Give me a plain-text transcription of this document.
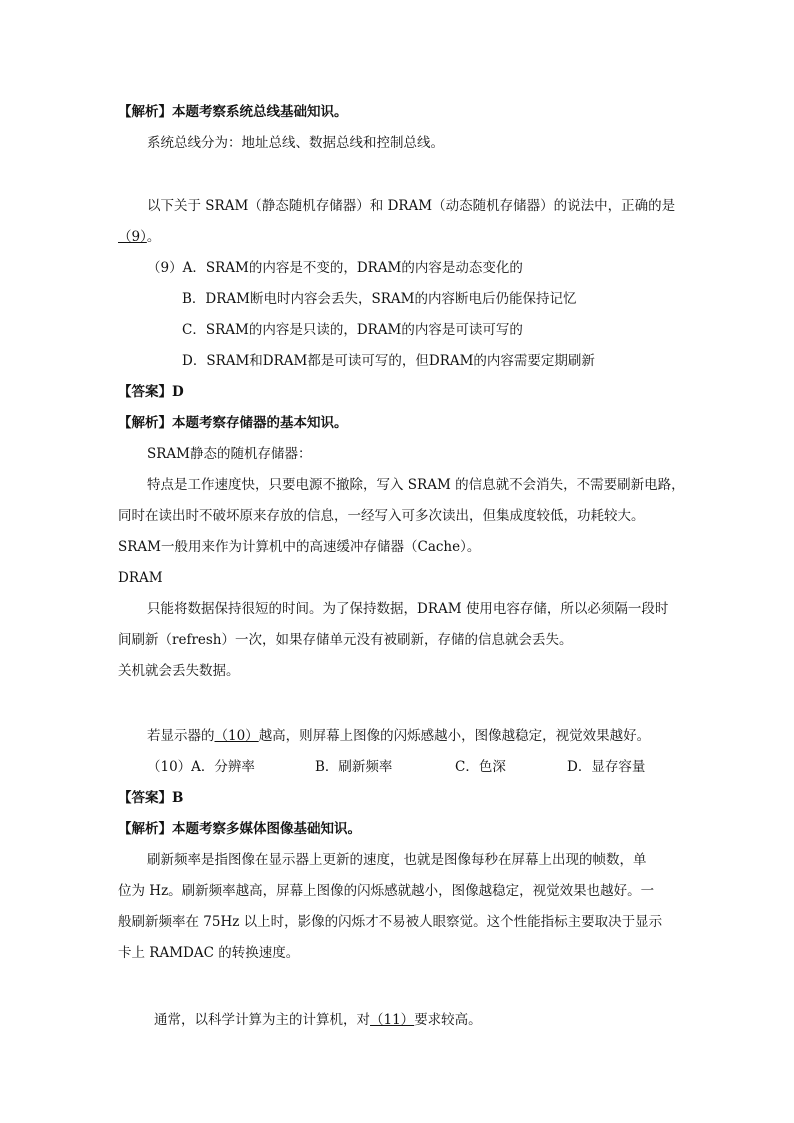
【解析】本题考察系统总线基础知识。
系统总线分为：地址总线、数据总线和控制总线。
以下关于 SRAM（静态随机存储器）和 DRAM（动态随机存储器）的说法中，正确的是
（9）。
（9）A．SRAM的内容是不变的，DRAM的内容是动态变化的
B．DRAM断电时内容会丢失，SRAM的内容断电后仍能保持记忆
C．SRAM的内容是只读的，DRAM的内容是可读可写的
D．SRAM和DRAM都是可读可写的，但DRAM的内容需要定期刷新
【答案】D
【解析】本题考察存储器的基本知识。
SRAM静态的随机存储器：
特点是工作速度快，只要电源不撤除，写入 SRAM 的信息就不会消失，不需要刷新电路，
同时在读出时不破坏原来存放的信息，一经写入可多次读出，但集成度较低，功耗较大。
SRAM一般用来作为计算机中的高速缓冲存储器（Cache）。
DRAM
只能将数据保持很短的时间。为了保持数据，DRAM 使用电容存储，所以必须隔一段时
间刷新（refresh）一次，如果存储单元没有被刷新，存储的信息就会丢失。
关机就会丢失数据。
若显示器的（10）越高，则屏幕上图像的闪烁感越小，图像越稳定，视觉效果越好。
（10）A．分辨率	B．刷新频率	C．色深	D．显存容量
【答案】B
【解析】本题考察多媒体图像基础知识。
刷新频率是指图像在显示器上更新的速度，也就是图像每秒在屏幕上出现的帧数，单
位为 Hz。刷新频率越高，屏幕上图像的闪烁感就越小，图像越稳定，视觉效果也越好。一
般刷新频率在 75Hz 以上时，影像的闪烁才不易被人眼察觉。这个性能指标主要取决于显示
卡上 RAMDAC 的转换速度。
通常，以科学计算为主的计算机，对（11）要求较高。
